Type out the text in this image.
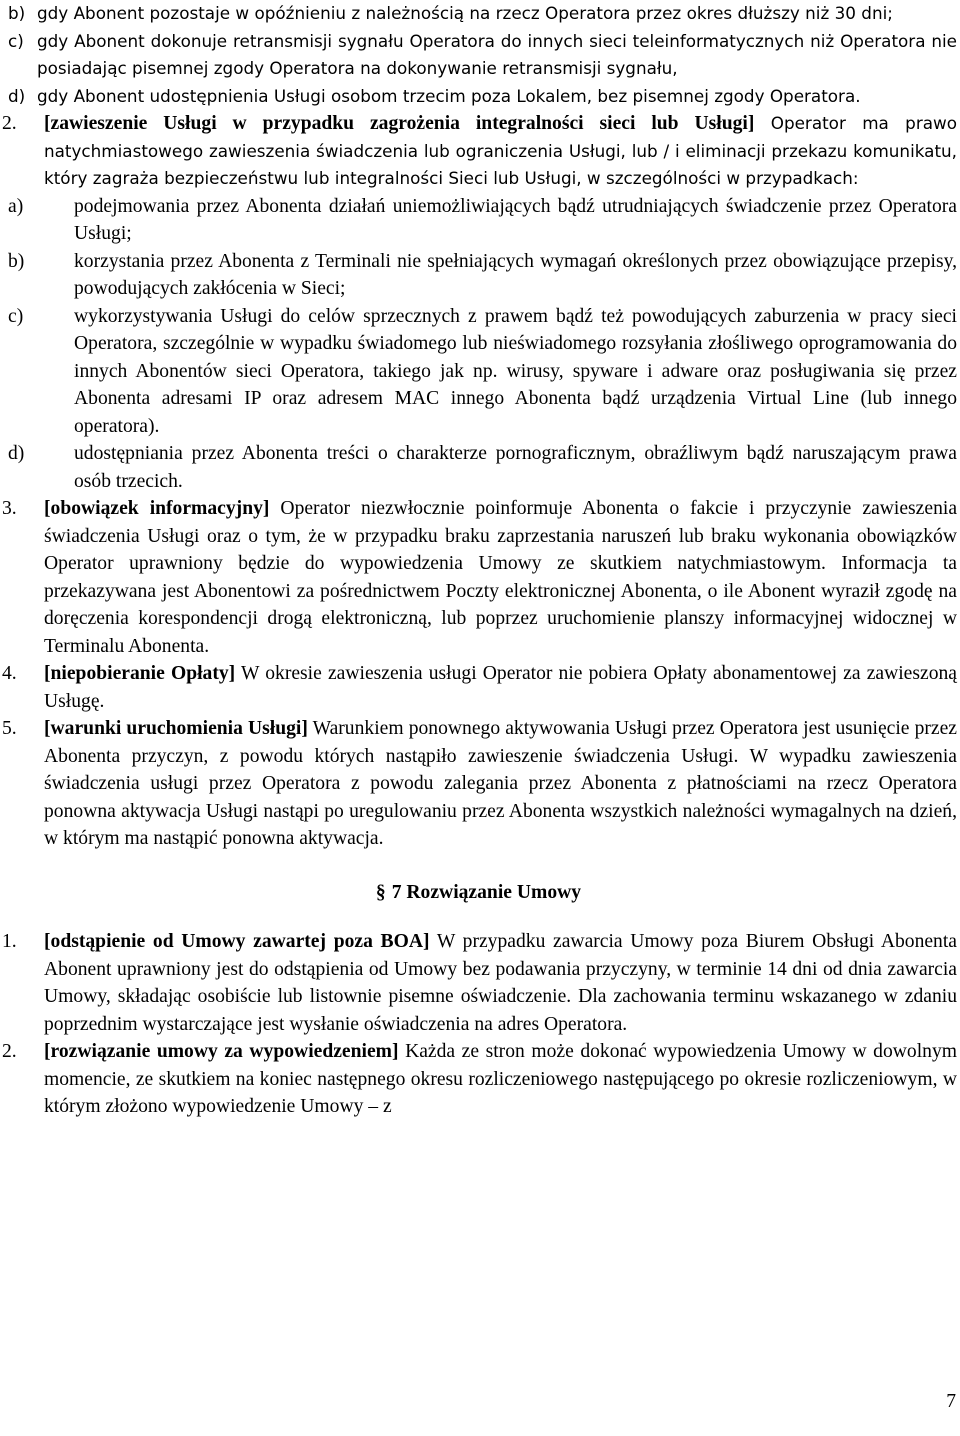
b) gdy Abonent pozostaje w opóźnieniu z należnością na rzecz Operatora przez okres dłuższy niż 30 dni;
c) gdy Abonent dokonuje retransmisji sygnału Operatora do innych sieci teleinformatycznych niż Operatora nie posiadając pisemnej zgody Operatora na dokonywanie retransmisji sygnału,
d) gdy Abonent udostępnienia Usługi osobom trzecim poza Lokalem, bez pisemnej zgody Operatora.
2. [zawieszenie Usługi w przypadku zagrożenia integralności sieci lub Usługi] Operator ma prawo natychmiastowego zawieszenia świadczenia lub ograniczenia Usługi, lub / i eliminacji przekazu komunikatu, który zagraża bezpieczeństwu lub integralności Sieci lub Usługi, w szczególności w przypadkach:
a)	podejmowania przez Abonenta działań uniemożliwiających bądź utrudniających świadczenie przez Operatora Usługi;
b)	korzystania przez Abonenta z Terminali nie spełniających wymagań określonych przez obowiązujące przepisy, powodujących zakłócenia w Sieci;
c)	wykorzystywania Usługi do celów sprzecznych z prawem bądź też powodujących zaburzenia w pracy sieci Operatora, szczególnie w wypadku świadomego lub nieświadomego rozsyłania złośliwego oprogramowania do innych Abonentów sieci Operatora, takiego jak np. wirusy, spyware i adware oraz posługiwania się przez Abonenta adresami IP oraz adresem MAC innego Abonenta bądź urządzenia Virtual Line (lub innego operatora).
d)	udostępniania przez Abonenta treści o charakterze pornograficznym, obraźliwym bądź naruszającym prawa osób trzecich.
3. [obowiązek informacyjny] Operator niezwłocznie poinformuje Abonenta o fakcie i przyczynie zawieszenia świadczenia Usługi oraz o tym, że w przypadku braku zaprzestania naruszeń lub braku wykonania obowiązków Operator uprawniony będzie do wypowiedzenia Umowy ze skutkiem natychmiastowym. Informacja ta przekazywana jest Abonentowi za pośrednictwem Poczty elektronicznej Abonenta, o ile Abonent wyraził zgodę na doręczenia korespondencji drogą elektroniczną, lub poprzez uruchomienie planszy informacyjnej widocznej w Terminalu Abonenta.
4. [niepobieranie Opłaty] W okresie zawieszenia usługi Operator nie pobiera Opłaty abonamentowej za zawieszoną Usługę.
5. [warunki uruchomienia Usługi] Warunkiem ponownego aktywowania Usługi przez Operatora jest usunięcie przez Abonenta przyczyn, z powodu których nastąpiło zawieszenie świadczenia Usługi. W wypadku zawieszenia świadczenia usługi przez Operatora z powodu zalegania przez Abonenta z płatnościami na rzecz Operatora ponowna aktywacja Usługi nastąpi po uregulowaniu przez Abonenta wszystkich należności wymagalnych na dzień, w którym ma nastąpić ponowna aktywacja.
§ 7 Rozwiązanie Umowy
1. [odstąpienie od Umowy zawartej poza BOA] W przypadku zawarcia Umowy poza Biurem Obsługi Abonenta Abonent uprawniony jest do odstąpienia od Umowy bez podawania przyczyny, w terminie 14 dni od dnia zawarcia Umowy, składając osobiście lub listownie pisemne oświadczenie. Dla zachowania terminu wskazanego w zdaniu poprzednim wystarczające jest wysłanie oświadczenia na adres Operatora.
2. [rozwiązanie umowy za wypowiedzeniem] Każda ze stron może dokonać wypowiedzenia Umowy w dowolnym momencie, ze skutkiem na koniec następnego okresu rozliczeniowego następującego po okresie rozliczeniowym, w którym złożono wypowiedzenie Umowy – z
7
